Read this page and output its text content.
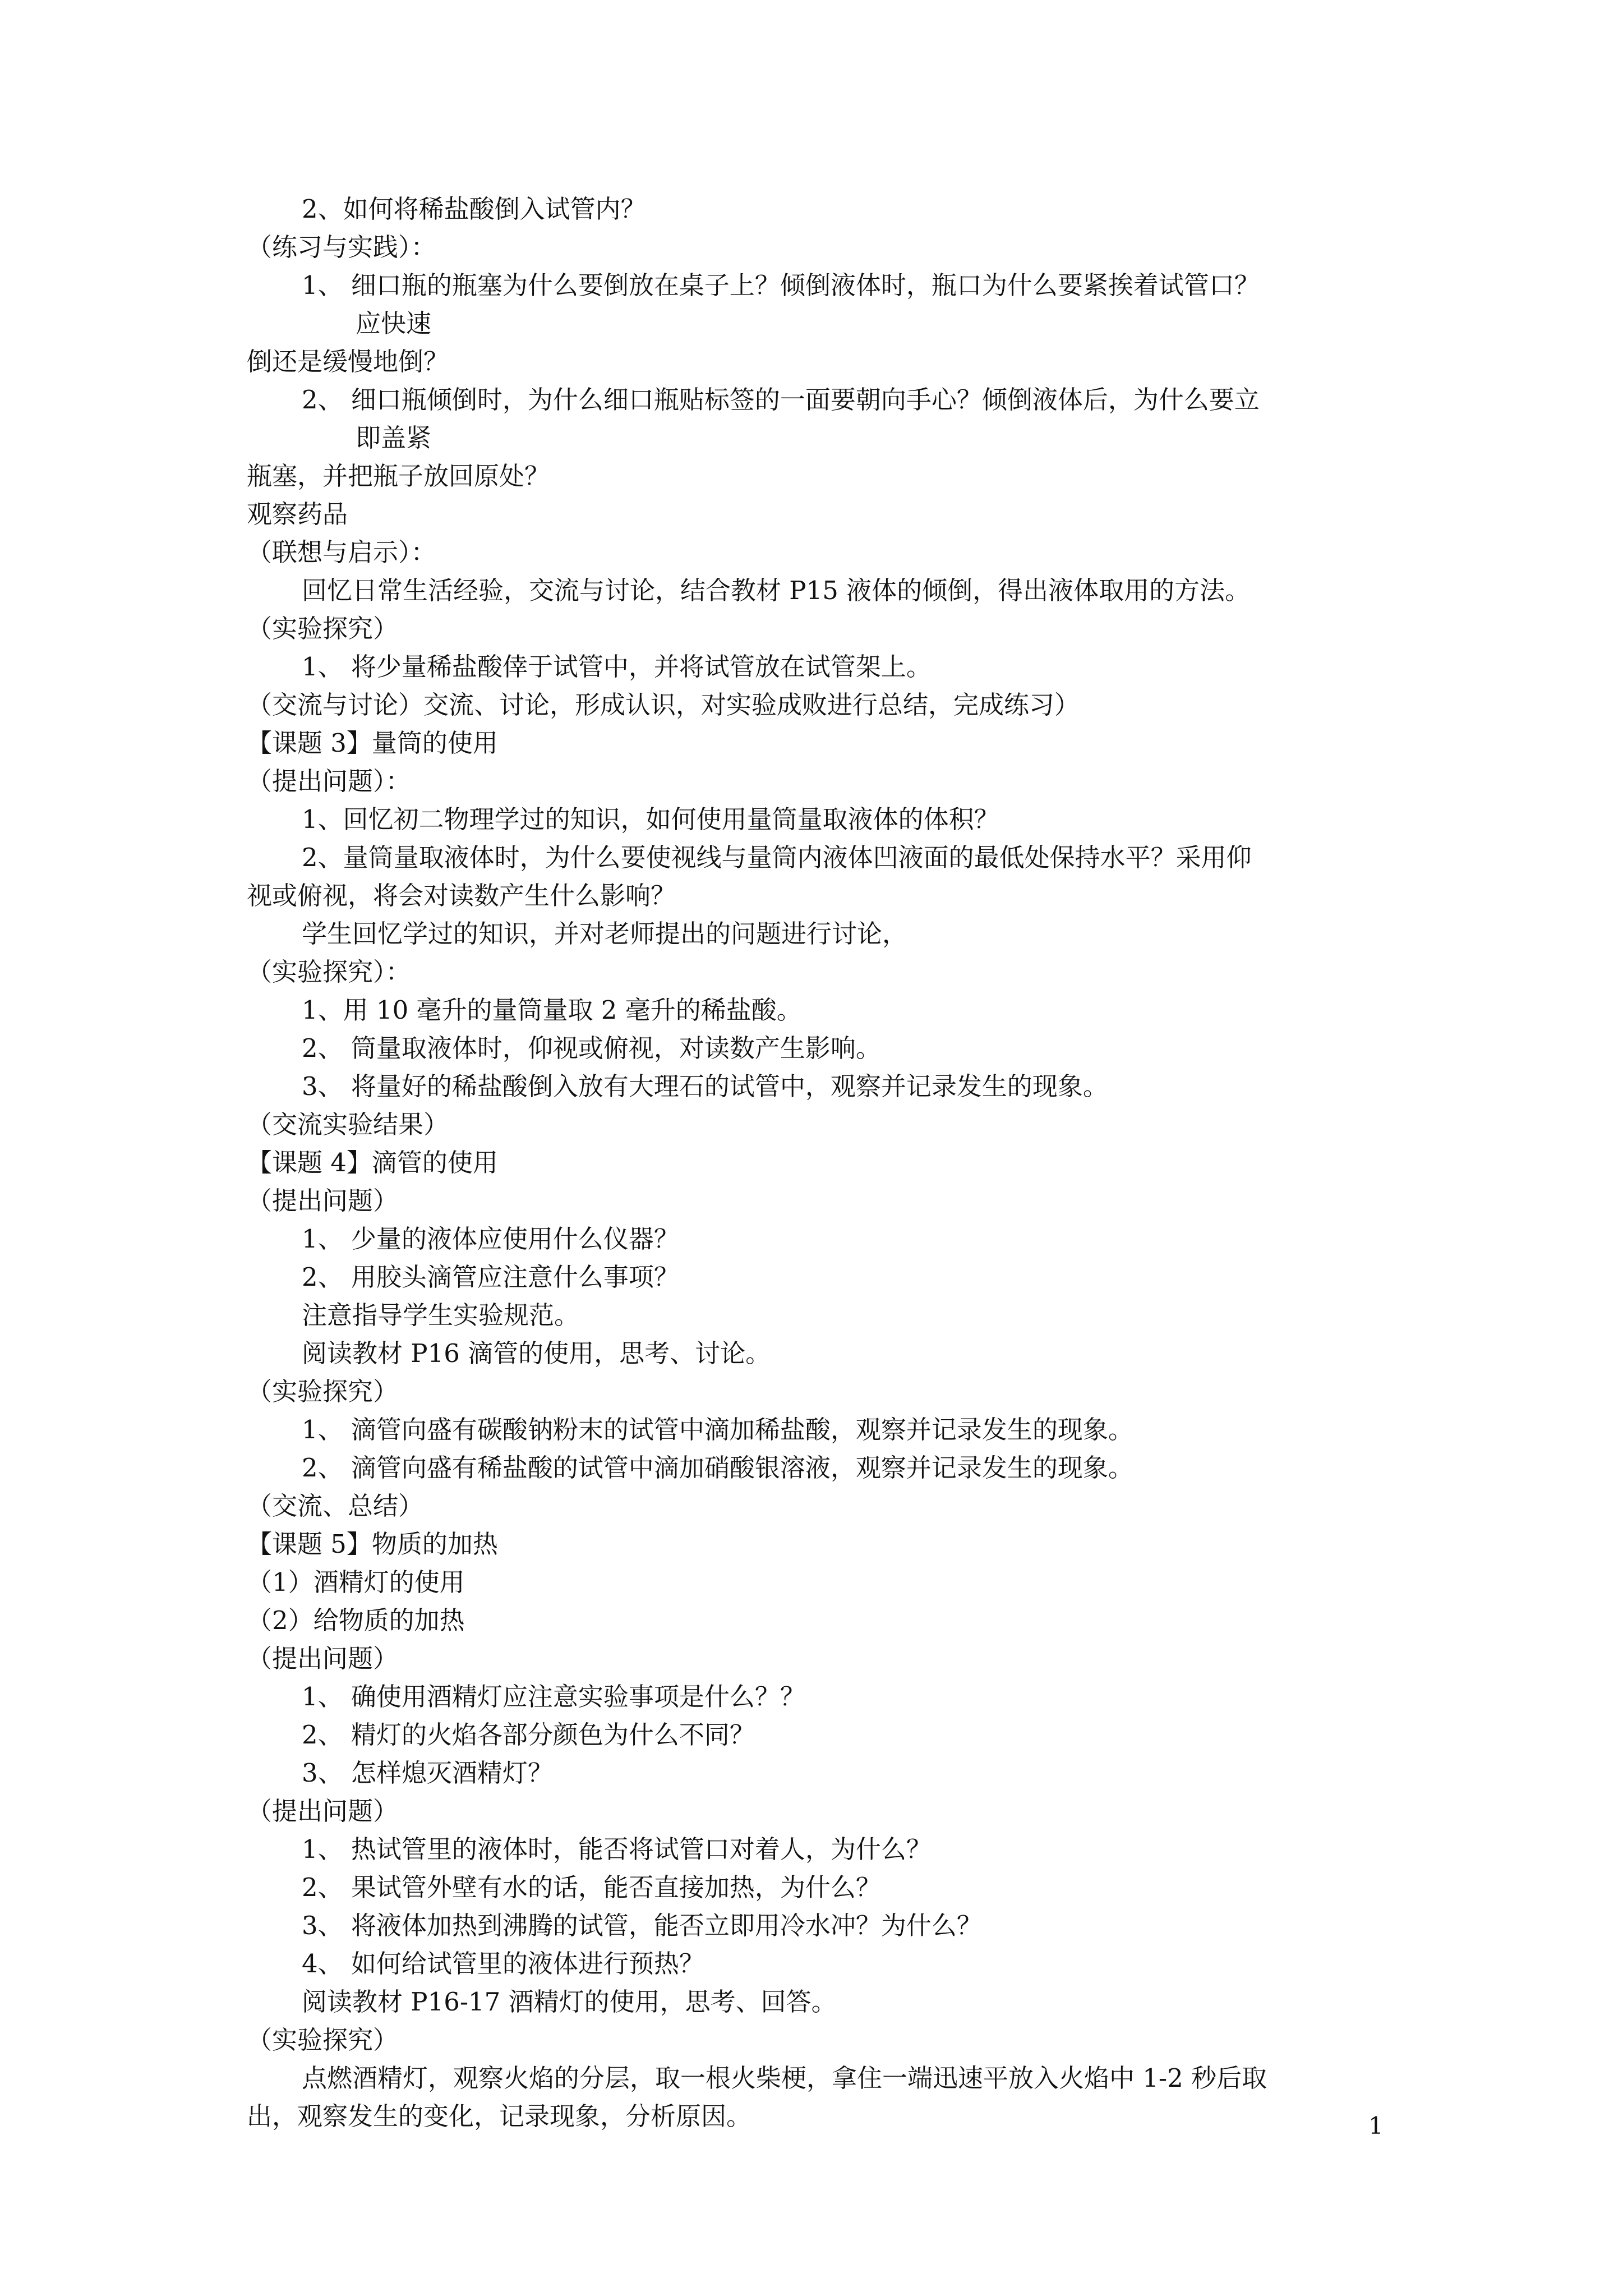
2、如何将稀盐酸倒入试管内？
（练习与实践）：
1、 细口瓶的瓶塞为什么要倒放在桌子上？倾倒液体时，瓶口为什么要紧挨着试管口？
应快速
倒还是缓慢地倒？
2、 细口瓶倾倒时，为什么细口瓶贴标签的一面要朝向手心？倾倒液体后，为什么要立
即盖紧
瓶塞，并把瓶子放回原处？
观察药品
（联想与启示）：
回忆日常生活经验，交流与讨论，结合教材 P15 液体的倾倒，得出液体取用的方法。
（实验探究）
1、 将少量稀盐酸倖于试管中，并将试管放在试管架上。
（交流与讨论）交流、讨论，形成认识，对实验成败进行总结，完成练习）
【课题 3】量筒的使用
（提出问题）：
1、回忆初二物理学过的知识，如何使用量筒量取液体的体积？
2、量筒量取液体时，为什么要使视线与量筒内液体凹液面的最低处保持水平？采用仰
视或俯视，将会对读数产生什么影响？
学生回忆学过的知识，并对老师提出的问题进行讨论，
（实验探究）：
1、用 10 毫升的量筒量取 2 毫升的稀盐酸。
2、 筒量取液体时，仰视或俯视，对读数产生影响。
3、 将量好的稀盐酸倒入放有大理石的试管中，观察并记录发生的现象。
（交流实验结果）
【课题 4】滴管的使用
（提出问题）
1、 少量的液体应使用什么仪器？
2、 用胶头滴管应注意什么事项？
注意指导学生实验规范。
阅读教材 P16 滴管的使用，思考、讨论。
（实验探究）
1、 滴管向盛有碳酸钠粉末的试管中滴加稀盐酸，观察并记录发生的现象。
2、 滴管向盛有稀盐酸的试管中滴加硝酸银溶液，观察并记录发生的现象。
（交流、总结）
【课题 5】物质的加热
（1）酒精灯的使用
（2）给物质的加热
（提出问题）
1、 确使用酒精灯应注意实验事项是什么？？
2、 精灯的火焰各部分颜色为什么不同？
3、 怎样熄灭酒精灯？
（提出问题）
1、 热试管里的液体时，能否将试管口对着人，为什么？
2、 果试管外壁有水的话，能否直接加热，为什么？
3、 将液体加热到沸腾的试管，能否立即用冷水冲？为什么？
4、 如何给试管里的液体进行预热？
阅读教材 P16-17 酒精灯的使用，思考、回答。
（实验探究）
点燃酒精灯，观察火焰的分层，取一根火柴梗，拿住一端迅速平放入火焰中 1-2 秒后取
出，观察发生的变化，记录现象，分析原因。	1
